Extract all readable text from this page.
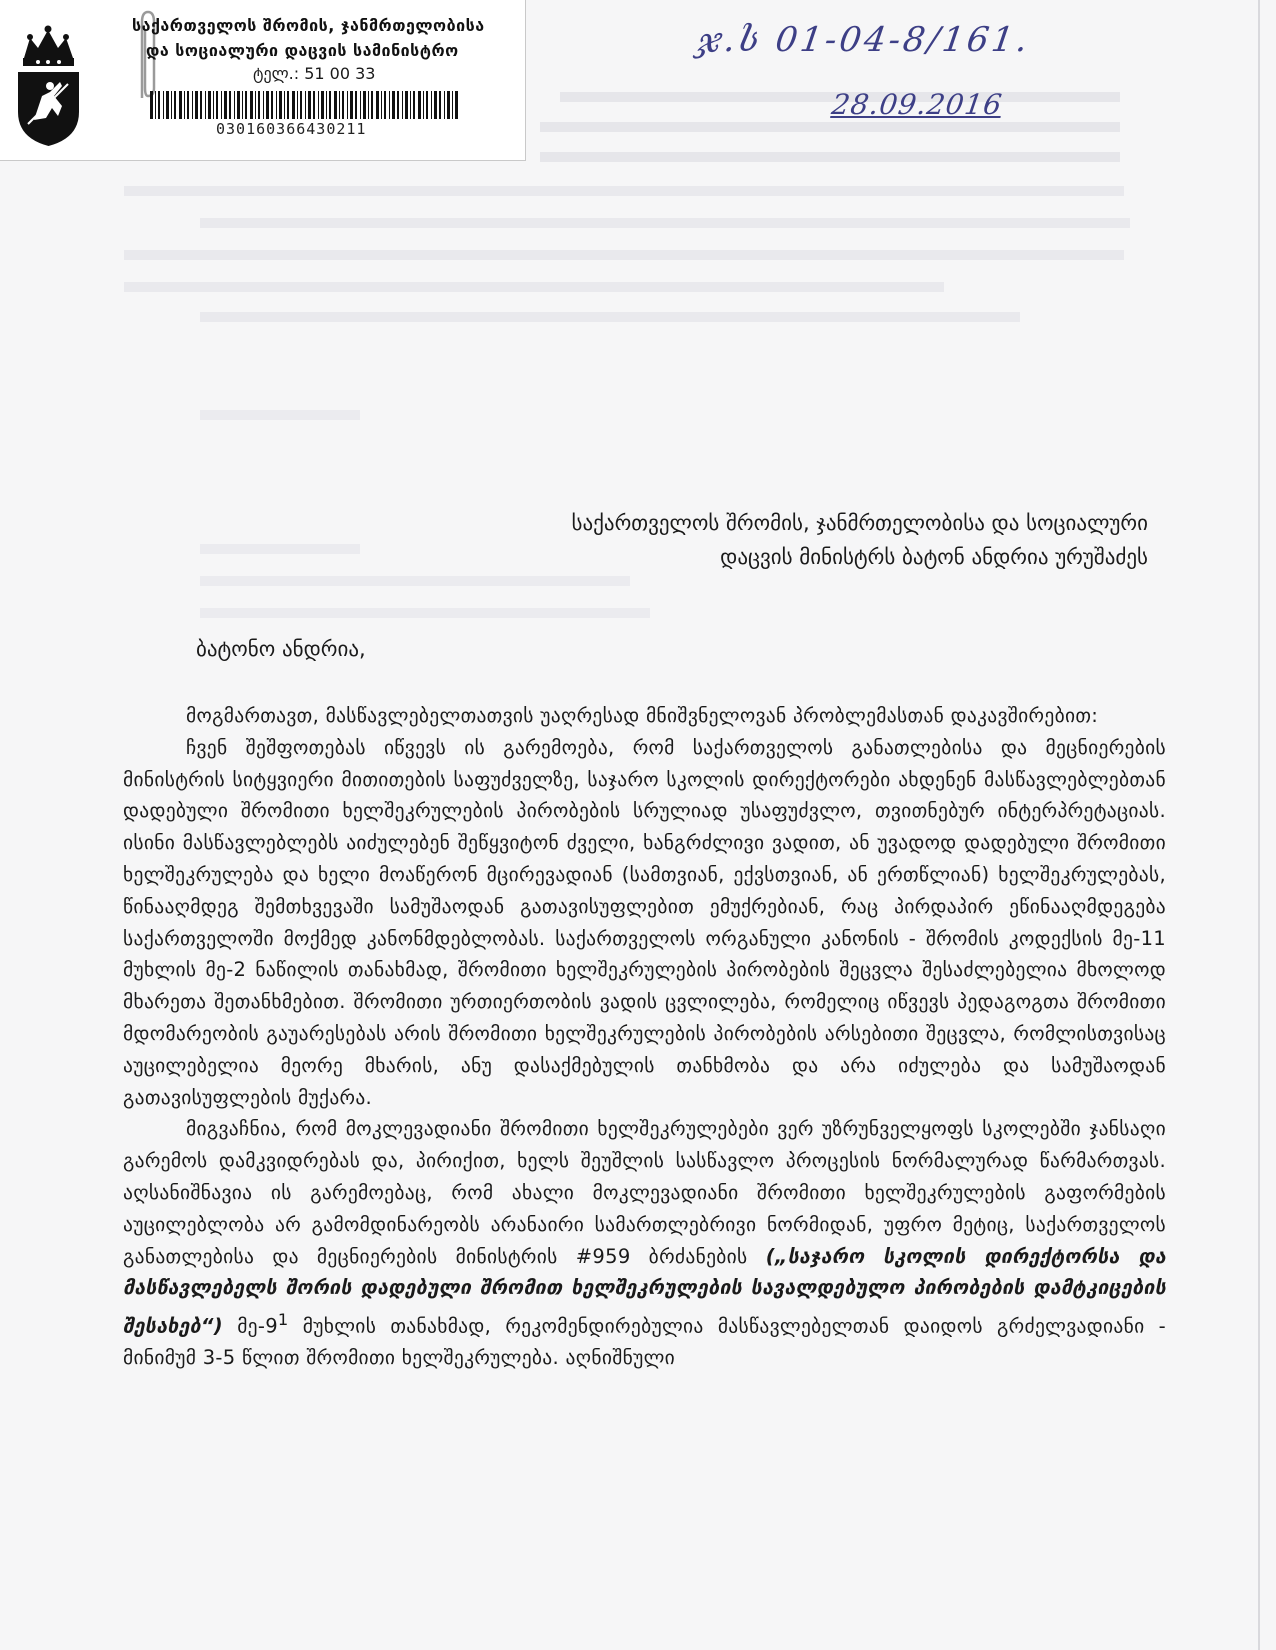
საქართველოს შრომის, ჯანმრთელობისა
და სოციალური დაცვის სამინისტრო
ტელ.: 51 00 33
030160366430211
ჯ.ს 01-04-8/161.
28.09.2016
საქართველოს შრომის, ჯანმრთელობისა და სოციალური
დაცვის მინისტრს ბატონ ანდრია ურუშაძეს
ბატონო ანდრია,

მოგმართავთ, მასწავლებელთათვის უაღრესად მნიშვნელოვან პრობლემასთან დაკავშირებით:

ჩვენ შეშფოთებას იწვევს ის გარემოება, რომ საქართველოს განათლებისა და მეცნიერების მინისტრის სიტყვიერი მითითების საფუძველზე, საჯარო სკოლის დირექტორები ახდენენ მასწავლებლებთან დადებული შრომითი ხელშეკრულების პირობების სრულიად უსაფუძვლო, თვითნებურ ინტერპრეტაციას. ისინი მასწავლებლებს აიძულებენ შეწყვიტონ ძველი, ხანგრძლივი ვადით, ან უვადოდ დადებული შრომითი ხელშეკრულება და ხელი მოაწერონ მცირევადიან (სამთვიან, ექვსთვიან, ან ერთწლიან) ხელშეკრულებას, წინააღმდეგ შემთხვევაში სამუშაოდან გათავისუფლებით ემუქრებიან, რაც პირდაპირ ეწინააღმდეგება საქართველოში მოქმედ კანონმდებლობას. საქართველოს ორგანული კანონის - შრომის კოდექსის მე-11 მუხლის მე-2 ნაწილის თანახმად, შრომითი ხელშეკრულების პირობების შეცვლა შესაძლებელია მხოლოდ მხარეთა შეთანხმებით. შრომითი ურთიერთობის ვადის ცვლილება, რომელიც იწვევს პედაგოგთა შრომითი მდომარეობის გაუარესებას არის შრომითი ხელშეკრულების პირობების არსებითი შეცვლა, რომლისთვისაც აუცილებელია მეორე მხარის, ანუ დასაქმებულის თანხმობა და არა იძულება და სამუშაოდან გათავისუფლების მუქარა.

მიგვაჩნია, რომ მოკლევადიანი შრომითი ხელშეკრულებები ვერ უზრუნველყოფს სკოლებში ჯანსაღი გარემოს დამკვიდრებას და, პირიქით, ხელს შეუშლის სასწავლო პროცესის ნორმალურად წარმართვას. აღსანიშნავია ის გარემოებაც, რომ ახალი მოკლევადიანი შრომითი ხელშეკრულების გაფორმების აუცილებლობა არ გამომდინარეობს არანაირი სამართლებრივი ნორმიდან, უფრო მეტიც, საქართველოს განათლებისა და მეცნიერების მინისტრის #959 ბრძანების („საჯარო სკოლის დირექტორსა და მასწავლებელს შორის დადებული შრომით ხელშეკრულების სავალდებულო პირობების დამტკიცების შესახებ“) $მე-9^1$ მუხლის თანახმად, რეკომენდირებულია მასწავლებელთან დაიდოს გრძელვადიანი - მინიმუმ 3-5 წლით შრომითი ხელშეკრულება. აღნიშნული
